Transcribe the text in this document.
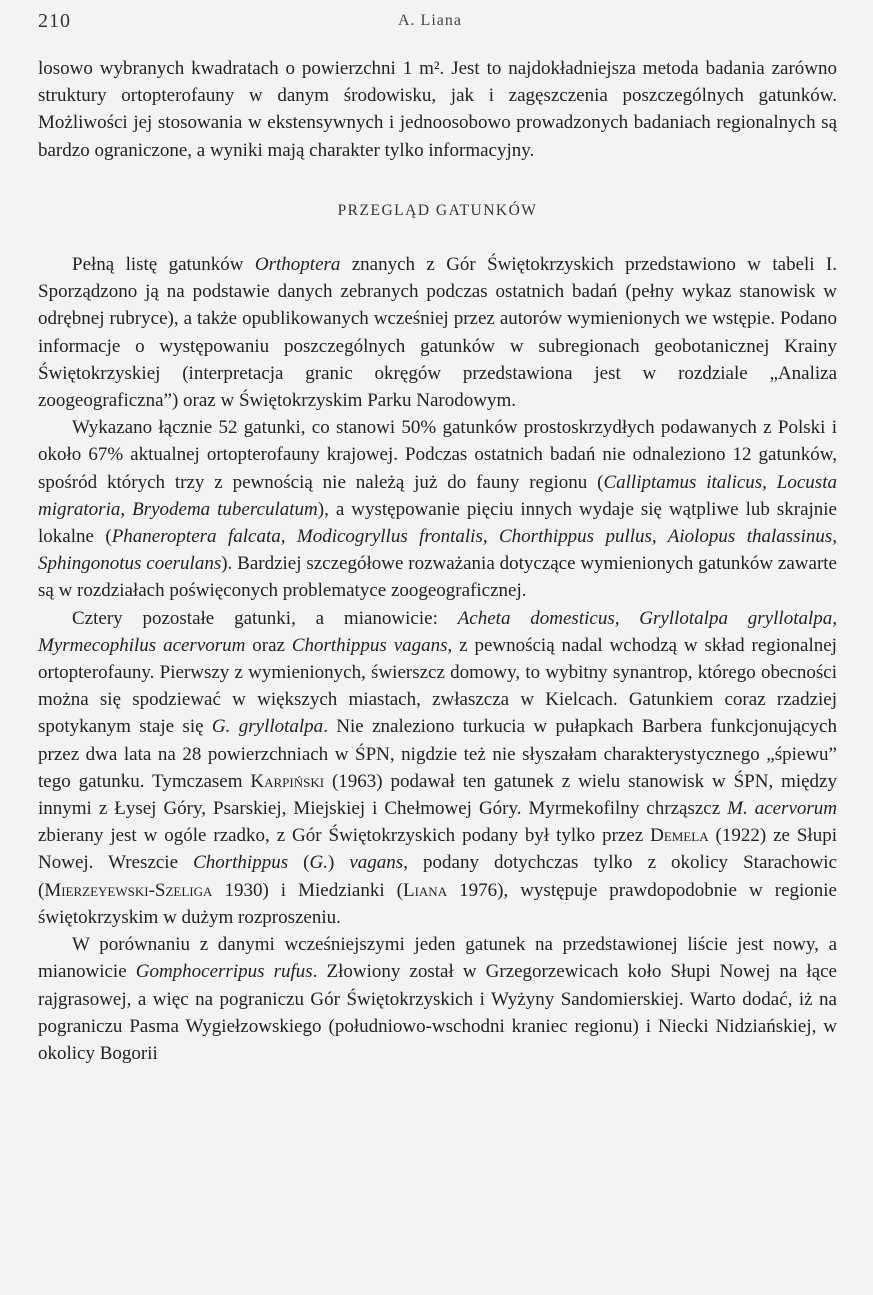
210	A. Liana

losowo wybranych kwadratach o powierzchni 1 m². Jest to najdokładniejsza metoda badania zarówno struktury ortopterofauny w danym środowisku, jak i zagęszczenia poszczególnych gatunków. Możliwości jej stosowania w ekstensywnych i jednoosobowo prowadzonych badaniach regionalnych są bardzo ograniczone, a wyniki mają charakter tylko informacyjny.

PRZEGLĄD GATUNKÓW

Pełną listę gatunków Orthoptera znanych z Gór Świętokrzyskich przedstawiono w tabeli I. Sporządzono ją na podstawie danych zebranych podczas ostatnich badań (pełny wykaz stanowisk w odrębnej rubryce), a także opublikowanych wcześniej przez autorów wymienionych we wstępie. Podano informacje o występowaniu poszczególnych gatunków w subregionach geobotanicznej Krainy Świętokrzyskiej (interpretacja granic okręgów przedstawiona jest w rozdziale „Analiza zoogeograficzna”) oraz w Świętokrzyskim Parku Narodowym.

Wykazano łącznie 52 gatunki, co stanowi 50% gatunków prostoskrzydłych podawanych z Polski i około 67% aktualnej ortopterofauny krajowej. Podczas ostatnich badań nie odnaleziono 12 gatunków, spośród których trzy z pewnością nie należą już do fauny regionu (Calliptamus italicus, Locusta migratoria, Bryodema tuberculatum), a występowanie pięciu innych wydaje się wątpliwe lub skrajnie lokalne (Phaneroptera falcata, Modicogryllus frontalis, Chorthippus pullus, Aiolopus thalassinus, Sphingonotus coerulans). Bardziej szczegółowe rozważania dotyczące wymienionych gatunków zawarte są w rozdziałach poświęconych problematyce zoogeograficznej.

Cztery pozostałe gatunki, a mianowicie: Acheta domesticus, Gryllotalpa gryllotalpa, Myrmecophilus acervorum oraz Chorthippus vagans, z pewnością nadal wchodzą w skład regionalnej ortopterofauny. Pierwszy z wymienionych, świerszcz domowy, to wybitny synantrop, którego obecności można się spodziewać w większych miastach, zwłaszcza w Kielcach. Gatunkiem coraz rzadziej spotykanym staje się G. gryllotalpa. Nie znaleziono turkucia w pułapkach Barbera funkcjonujących przez dwa lata na 28 powierzchniach w ŚPN, nigdzie też nie słyszałam charakterystycznego „śpiewu” tego gatunku. Tymczasem Karpiński (1963) podawał ten gatunek z wielu stanowisk w ŚPN, między innymi z Łysej Góry, Psarskiej, Miejskiej i Chełmowej Góry. Myrmekofilny chrząszcz M. acervorum zbierany jest w ogóle rzadko, z Gór Świętokrzyskich podany był tylko przez Demela (1922) ze Słupi Nowej. Wreszcie Chorthippus (G.) vagans, podany dotychczas tylko z okolicy Starachowic (Mierzeyewski-Szeliga 1930) i Miedzianki (Liana 1976), występuje prawdopodobnie w regionie świętokrzyskim w dużym rozproszeniu.

W porównaniu z danymi wcześniejszymi jeden gatunek na przedstawionej liście jest nowy, a mianowicie Gomphocerripus rufus. Złowiony został w Grzegorzewicach koło Słupi Nowej na łące rajgrasowej, a więc na pograniczu Gór Świętokrzyskich i Wyżyny Sandomierskiej. Warto dodać, iż na pograniczu Pasma Wygiełzowskiego (południowo-wschodni kraniec regionu) i Niecki Nidziańskiej, w okolicy Bogorii
